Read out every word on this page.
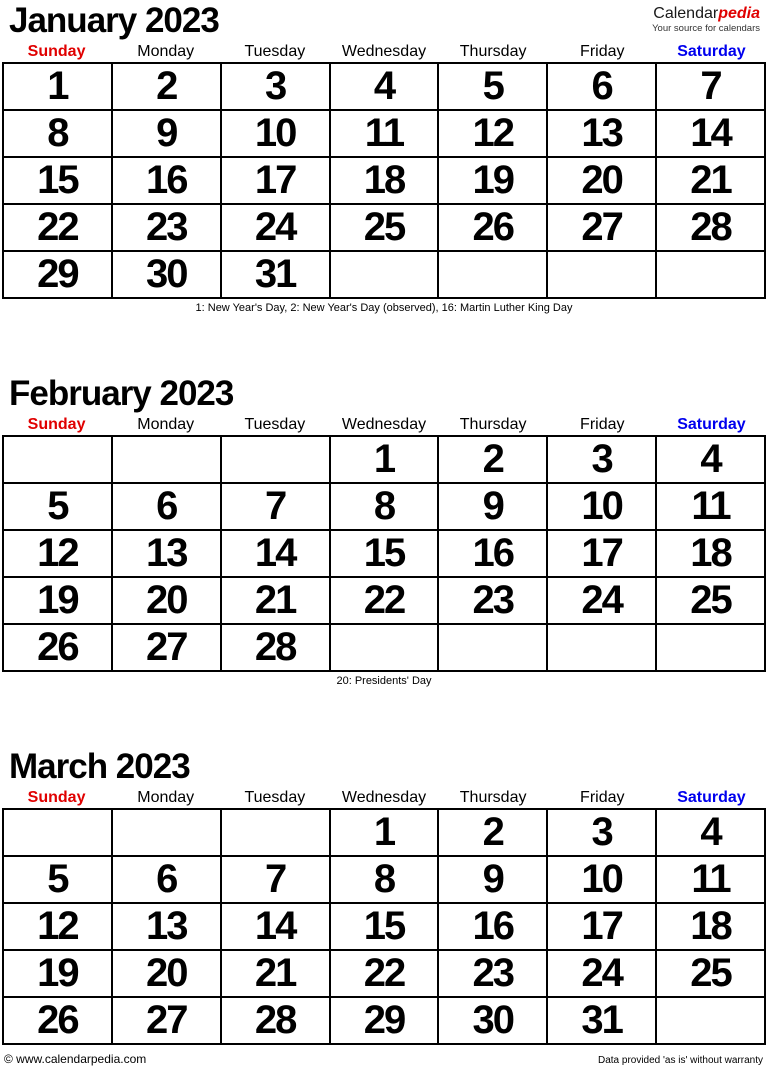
Calendarpedia
Your source for calendars
January 2023
Sunday	Monday	Tuesday	Wednesday	Thursday	Friday	Saturday
1	2	3	4	5	6	7
8	9	10	11	12	13	14
15	16	17	18	19	20	21
22	23	24	25	26	27	28
29	30	31				
1: New Year's Day, 2: New Year's Day (observed), 16: Martin Luther King Day
February 2023
Sunday	Monday	Tuesday	Wednesday	Thursday	Friday	Saturday
			1	2	3	4
5	6	7	8	9	10	11
12	13	14	15	16	17	18
19	20	21	22	23	24	25
26	27	28				
20: Presidents' Day
March 2023
Sunday	Monday	Tuesday	Wednesday	Thursday	Friday	Saturday
			1	2	3	4
5	6	7	8	9	10	11
12	13	14	15	16	17	18
19	20	21	22	23	24	25
26	27	28	29	30	31	
© www.calendarpedia.com	Data provided 'as is' without warranty
